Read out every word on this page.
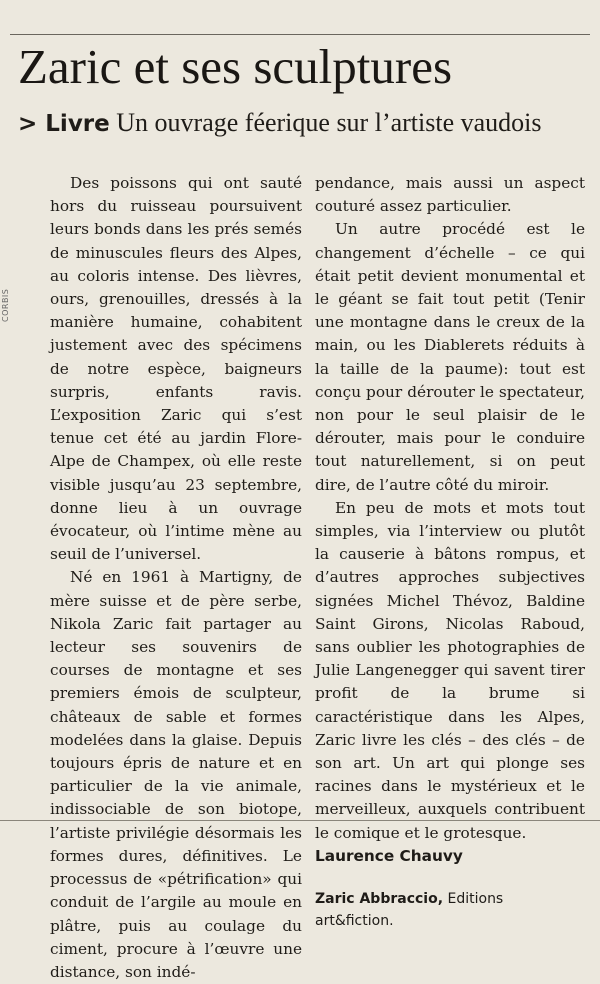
Zaric et ses sculptures

> Livre Un ouvrage féerique sur l’artiste vaudois

CORBIS

Des poissons qui ont sauté hors du ruisseau poursuivent leurs bonds dans les prés semés de minuscules fleurs des Alpes, au coloris intense. Des lièvres, ours, grenouilles, dressés à la manière humaine, cohabitent justement avec des spécimens de notre espèce, baigneurs surpris, enfants ravis. L’exposition Zaric qui s’est tenue cet été au jardin Flore-Alpe de Champex, où elle reste visible jusqu’au 23 septembre, donne lieu à un ouvrage évocateur, où l’intime mène au seuil de l’universel.

Né en 1961 à Martigny, de mère suisse et de père serbe, Nikola Zaric fait partager au lecteur ses souvenirs de courses de montagne et ses premiers émois de sculpteur, châteaux de sable et formes modelées dans la glaise. Depuis toujours épris de nature et en particulier de la vie animale, indissociable de son biotope, l’artiste privilégie désormais les formes dures, définitives. Le processus de «pétrification» qui conduit de l’argile au moule en plâtre, puis au coulage du ciment, procure à l’œuvre une distance, son indé-

pendance, mais aussi un aspect couturé assez particulier.

Un autre procédé est le changement d’échelle – ce qui était petit devient monumental et le géant se fait tout petit (Tenir une montagne dans le creux de la main, ou les Diablerets réduits à la taille de la paume): tout est conçu pour dérouter le spectateur, non pour le seul plaisir de le dérouter, mais pour le conduire tout naturellement, si on peut dire, de l’autre côté du miroir.

En peu de mots et mots tout simples, via l’interview ou plutôt la causerie à bâtons rompus, et d’autres approches subjectives signées Michel Thévoz, Baldine Saint Girons, Nicolas Raboud, sans oublier les photographies de Julie Langenegger qui savent tirer profit de la brume si caractéristique dans les Alpes, Zaric livre les clés – des clés – de son art. Un art qui plonge ses racines dans le mystérieux et le merveilleux, auxquels contribuent le comique et le grotesque.

Laurence Chauvy

Zaric Abbraccio, Editions
art&fiction.
